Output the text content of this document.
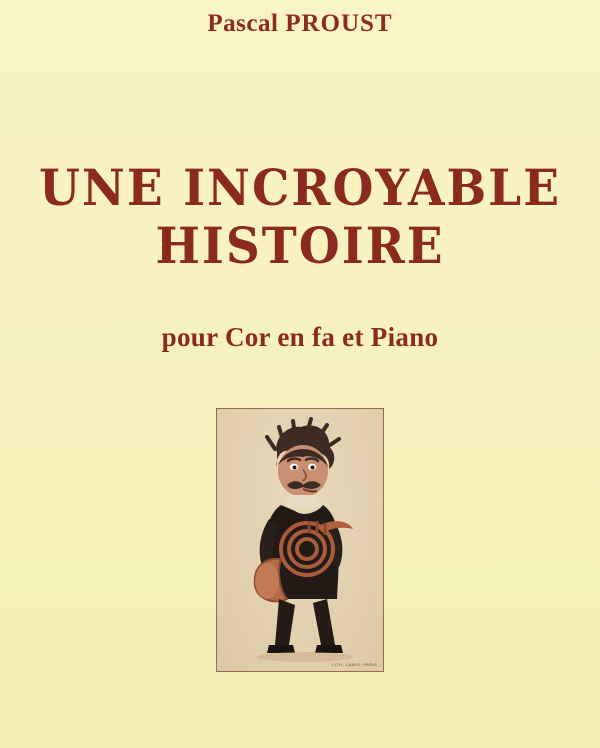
Pascal PROUST
UNE INCROYABLE
HISTOIRE
pour Cor en fa et Piano
LITH. CAMIS, PARIS
